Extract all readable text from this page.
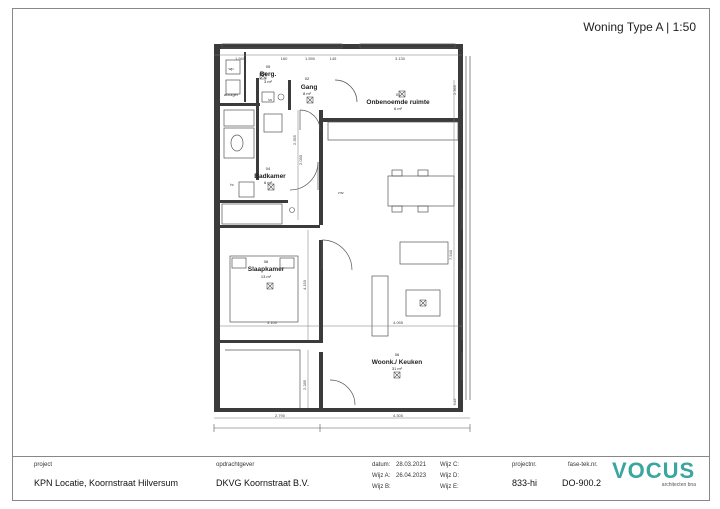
Woning Type A | 1:50
05
Berg.
3 m²
02
Gang
8 m²	01
Onbenoemde ruimte
6 m²
04
Badkamer
6 m²
06
Slaapkamer
13 m²
06
Woonk./ Keuken
31 m²
wp
afzuiger
ta
mv
hr
1.940	160	1.590	145	3.130
2.790	4.305
3.100	4.055
2.355
2.030
4.150
7.540
2.365
2.285
640
project
KPN Locatie, Koornstraat Hilversum
opdrachtgever
DKVG Koornstraat B.V.
datum: 28.03.2021
Wijz A: 26.04.2023
Wijz B:
Wijz C:
Wijz D:
Wijz E:
projectnr.
833-hi
fase-tek.nr.
DO-900.2 VOCUS
architecten bna
